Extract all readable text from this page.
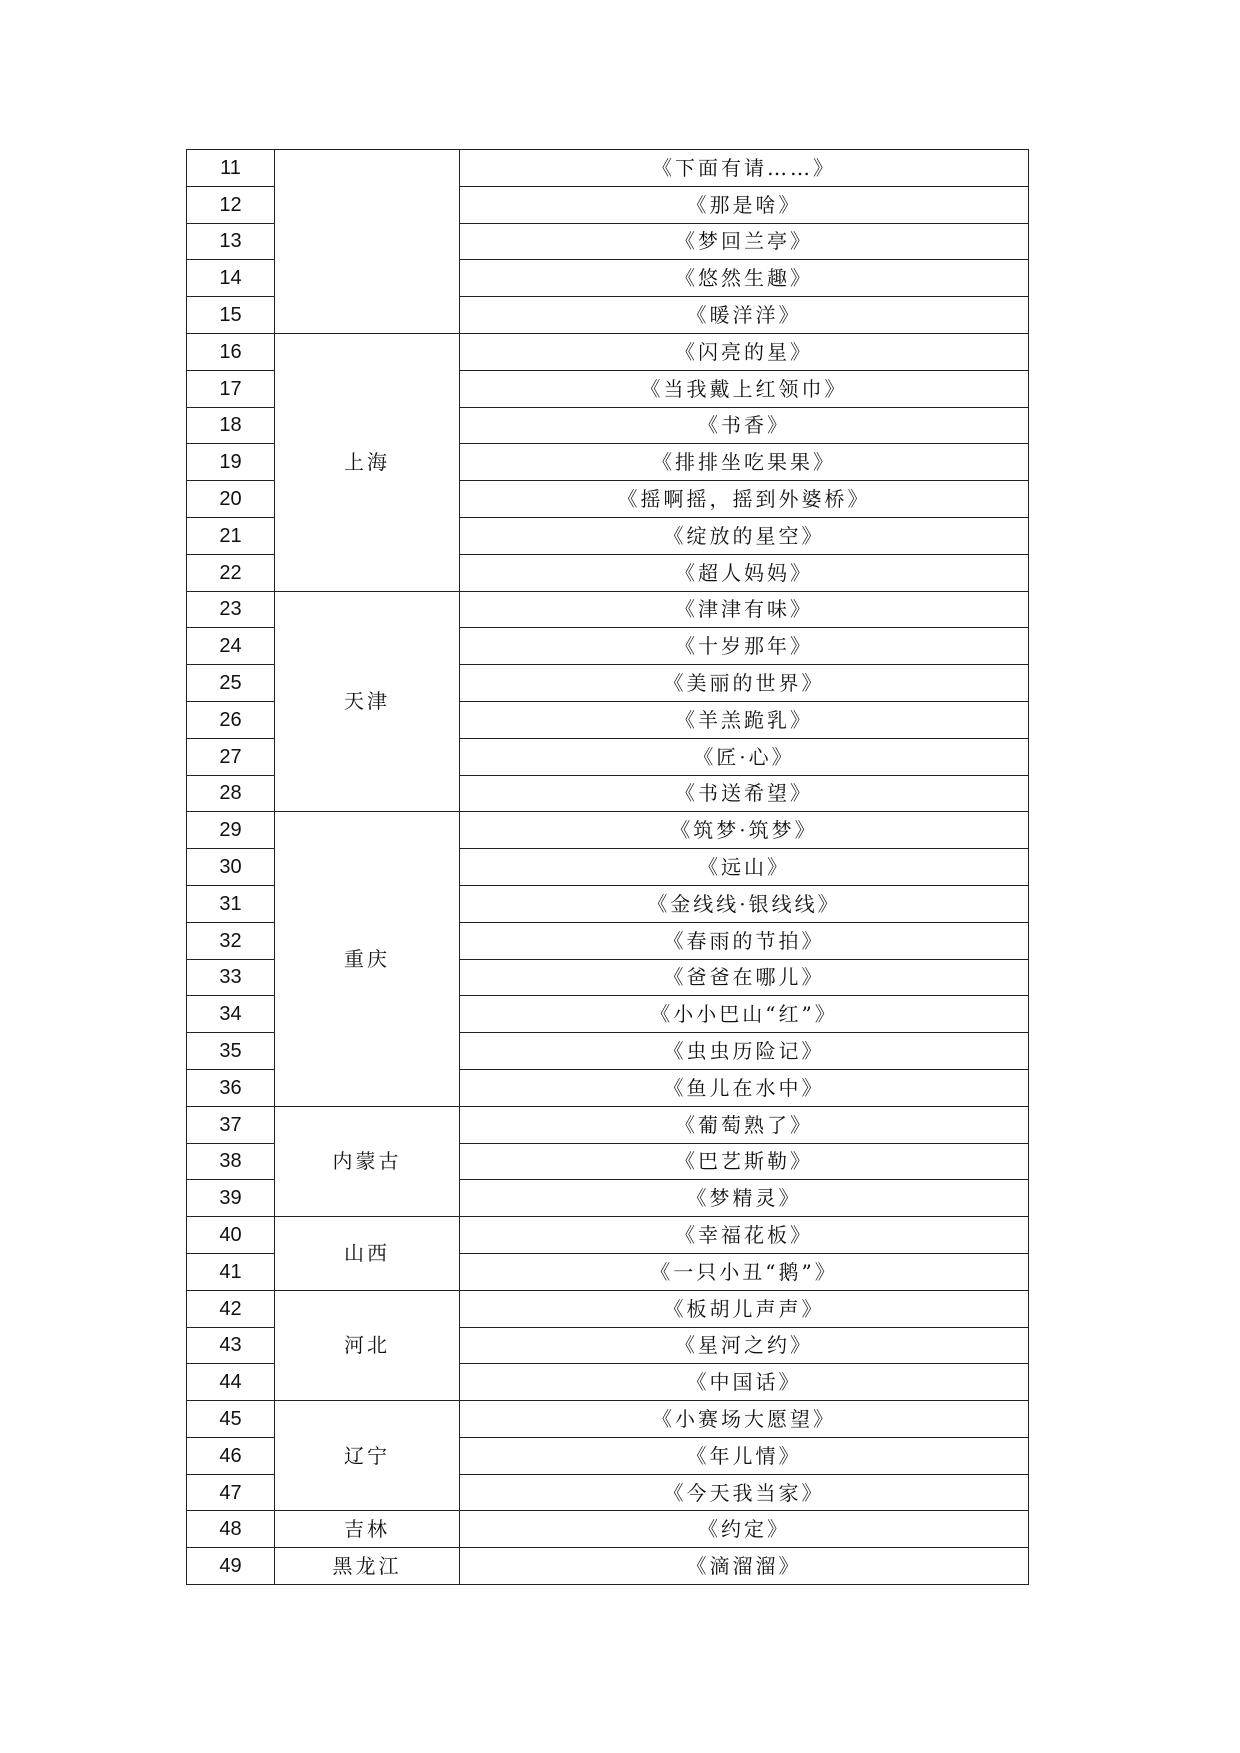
11		《下面有请……》
12		《那是啥》
13		《梦回兰亭》
14		《悠然生趣》
15		《暖洋洋》
16	上海	《闪亮的星》
17		《当我戴上红领巾》
18		《书香》
19		《排排坐吃果果》
20		《摇啊摇，摇到外婆桥》
21		《绽放的星空》
22		《超人妈妈》
23	天津	《津津有味》
24		《十岁那年》
25		《美丽的世界》
26		《羊羔跪乳》
27		《匠·心》
28		《书送希望》
29	重庆	《筑梦·筑梦》
30		《远山》
31		《金线线·银线线》
32		《春雨的节拍》
33		《爸爸在哪儿》
34		《小小巴山“红”》
35		《虫虫历险记》
36		《鱼儿在水中》
37	内蒙古	《葡萄熟了》
38		《巴艺斯勒》
39		《梦精灵》
40	山西	《幸福花板》
41		《一只小丑“鹅”》
42	河北	《板胡儿声声》
43		《星河之约》
44		《中国话》
45	辽宁	《小赛场大愿望》
46		《年儿情》
47		《今天我当家》
48	吉林	《约定》
49	黑龙江	《滴溜溜》
